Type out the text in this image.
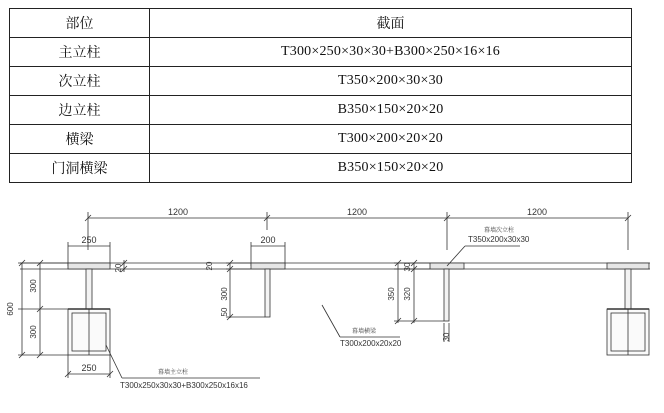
部位	截面
主立柱	T300×250×30×30+B300×250×16×16
次立柱	T350×200×30×30
边立柱	B350×150×20×20
横梁	T300×200×20×20
门洞横梁	B350×150×20×20
1200	1200	1200
250	200
600
300
300
20	20
300
50
30
320
350
30
250
幕墙次立柱
T350x200x30x30
幕墙横梁
T300x200x20x20
幕墙主立柱
T300x250x30x30+B300x250x16x16
